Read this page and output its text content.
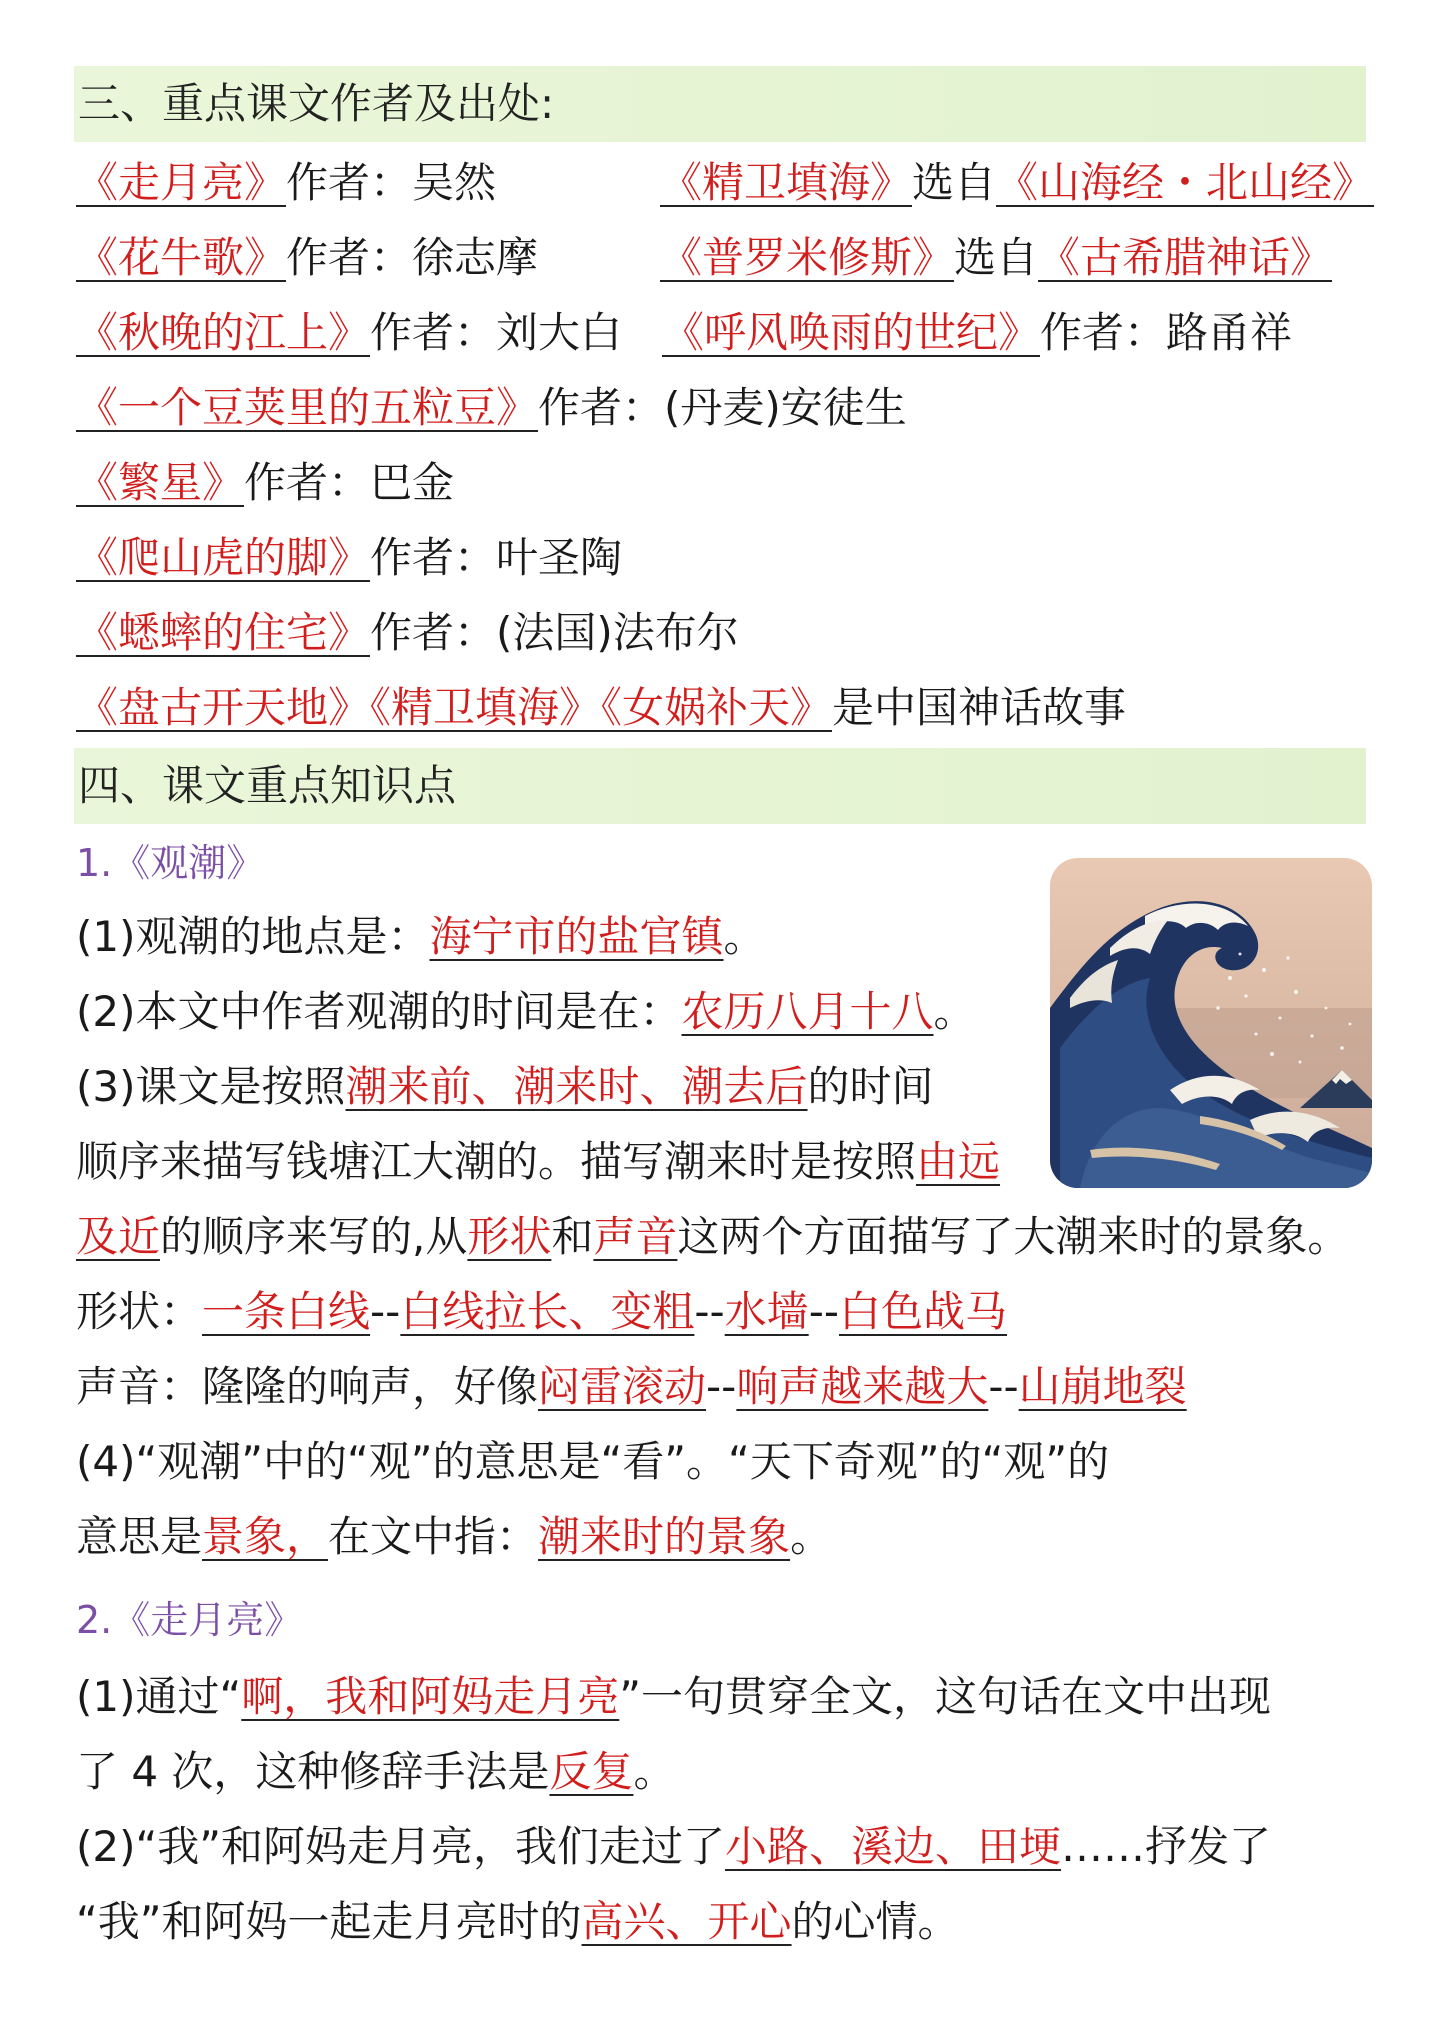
三、重点课文作者及出处:
《走月亮》作者：吴然	《精卫填海》选自《山海经・北山经》
《花牛歌》作者：徐志摩	《普罗米修斯》选自《古希腊神话》
《秋晚的江上》作者：刘大白 《呼风唤雨的世纪》作者：路甬祥
《一个豆荚里的五粒豆》作者：(丹麦)安徒生
《繁星》作者：巴金
《爬山虎的脚》作者：叶圣陶
《蟋蟀的住宅》作者：(法国)法布尔
《盘古开天地》《精卫填海》《女娲补天》是中国神话故事
四、课文重点知识点
1.《观潮》
(1)观潮的地点是：海宁市的盐官镇。
(2)本文中作者观潮的时间是在：农历八月十八。
(3)课文是按照潮来前、潮来时、潮去后的时间
顺序来描写钱塘江大潮的。描写潮来时是按照由远
及近的顺序来写的,从形状和声音这两个方面描写了大潮来时的景象。
形状：一条白线--白线拉长、变粗--水墙--白色战马
声音：隆隆的响声，好像闷雷滚动--响声越来越大--山崩地裂
(4)“观潮”中的“观”的意思是“看”。“天下奇观”的“观”的
意思是景象，在文中指：潮来时的景象。
2.《走月亮》
(1)通过“啊，我和阿妈走月亮”一句贯穿全文，这句话在文中出现
了 4 次，这种修辞手法是反复。
(2)“我”和阿妈走月亮，我们走过了小路、溪边、田埂……抒发了
“我”和阿妈一起走月亮时的高兴、开心的心情。
